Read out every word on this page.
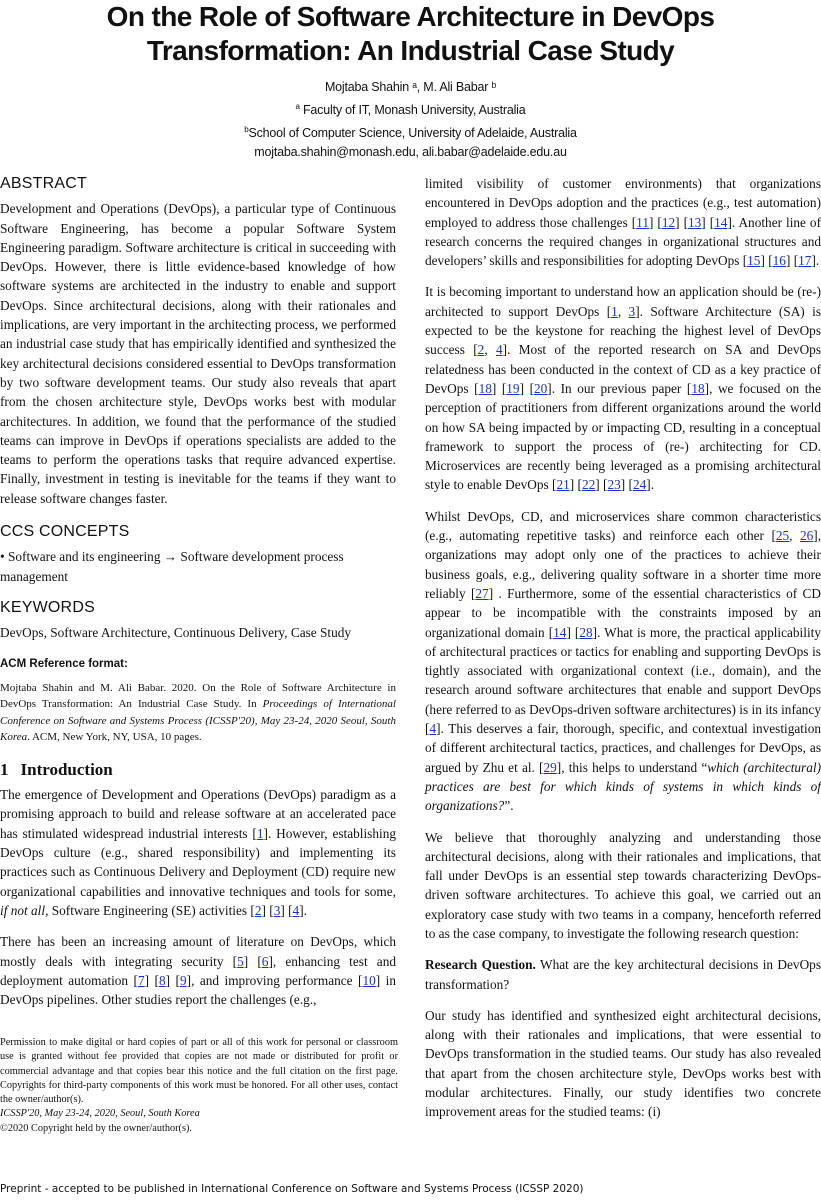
On the Role of Software Architecture in DevOps
Transformation: An Industrial Case Study
Mojtaba Shahin ᵃ, M. Ali Babar ᵇ
$^a$ Faculty of IT, Monash University, Australia
$^b$School of Computer Science, University of Adelaide, Australia
mojtaba.shahin@monash.edu, ali.babar@adelaide.edu.au
ABSTRACT

Development and Operations (DevOps), a particular type of Continuous Software Engineering, has become a popular Software System Engineering paradigm. Software architecture is critical in succeeding with DevOps. However, there is little evidence-based knowledge of how software systems are architected in the industry to enable and support DevOps. Since architectural decisions, along with their rationales and implications, are very important in the architecting process, we performed an industrial case study that has empirically identified and synthesized the key architectural decisions considered essential to DevOps transformation by two software development teams. Our study also reveals that apart from the chosen architecture style, DevOps works best with modular architectures. In addition, we found that the performance of the studied teams can improve in DevOps if operations specialists are added to the teams to perform the operations tasks that require advanced expertise. Finally, investment in testing is inevitable for the teams if they want to release software changes faster.

CCS CONCEPTS

• Software and its engineering → Software development process management

KEYWORDS

DevOps, Software Architecture, Continuous Delivery, Case Study

ACM Reference format:
Mojtaba Shahin and M. Ali Babar. 2020. On the Role of Software Architecture in DevOps Transformation: An Industrial Case Study. In Proceedings of International Conference on Software and Systems Process (ICSSP'20), May 23-24, 2020 Seoul, South Korea. ACM, New York, NY, USA, 10 pages.
1 Introduction

The emergence of Development and Operations (DevOps) paradigm as a promising approach to build and release software at an accelerated pace has stimulated widespread industrial interests [1]. However, establishing DevOps culture (e.g., shared responsibility) and implementing its practices such as Continuous Delivery and Deployment (CD) require new organizational capabilities and innovative techniques and tools for some, if not all, Software Engineering (SE) activities [2] [3] [4].

There has been an increasing amount of literature on DevOps, which mostly deals with integrating security [5] [6], enhancing test and deployment automation [7] [8] [9], and improving performance [10] in DevOps pipelines. Other studies report the challenges (e.g.,

limited visibility of customer environments) that organizations encountered in DevOps adoption and the practices (e.g., test automation) employed to address those challenges [11] [12] [13] [14]. Another line of research concerns the required changes in organizational structures and developers’ skills and responsibilities for adopting DevOps [15] [16] [17].

It is becoming important to understand how an application should be (re-) architected to support DevOps [1, 3]. Software Architecture (SA) is expected to be the keystone for reaching the highest level of DevOps success [2, 4]. Most of the reported research on SA and DevOps relatedness has been conducted in the context of CD as a key practice of DevOps [18] [19] [20]. In our previous paper [18], we focused on the perception of practitioners from different organizations around the world on how SA being impacted by or impacting CD, resulting in a conceptual framework to support the process of (re-) architecting for CD. Microservices are recently being leveraged as a promising architectural style to enable DevOps [21] [22] [23] [24].

Whilst DevOps, CD, and microservices share common characteristics (e.g., automating repetitive tasks) and reinforce each other [25, 26], organizations may adopt only one of the practices to achieve their business goals, e.g., delivering quality software in a shorter time more reliably [27] . Furthermore, some of the essential characteristics of CD appear to be incompatible with the constraints imposed by an organizational domain [14] [28]. What is more, the practical applicability of architectural practices or tactics for enabling and supporting DevOps is tightly associated with organizational context (i.e., domain), and the research around software architectures that enable and support DevOps (here referred to as DevOps-driven software architectures) is in its infancy [4]. This deserves a fair, thorough, specific, and contextual investigation of different architectural tactics, practices, and challenges for DevOps, as argued by Zhu et al. [29], this helps to understand “which (architectural) practices are best for which kinds of systems in which kinds of organizations?”.

We believe that thoroughly analyzing and understanding those architectural decisions, along with their rationales and implications, that fall under DevOps is an essential step towards characterizing DevOps-driven software architectures. To achieve this goal, we carried out an exploratory case study with two teams in a company, henceforth referred to as the case company, to investigate the following research question:

Research Question. What are the key architectural decisions in DevOps transformation?

Our study has identified and synthesized eight architectural decisions, along with their rationales and implications, that were essential to DevOps transformation in the studied teams. Our study has also revealed that apart from the chosen architecture style, DevOps works best with modular architectures. Finally, our study identifies two concrete improvement areas for the studied teams: (i)

Permission to make digital or hard copies of part or all of this work for personal or classroom use is granted without fee provided that copies are not made or distributed for profit or commercial advantage and that copies bear this notice and the full citation on the first page. Copyrights for third-party components of this work must be honored. For all other uses, contact the owner/author(s).
ICSSP'20, May 23-24, 2020, Seoul, South Korea
©2020 Copyright held by the owner/author(s).
Preprint - accepted to be published in International Conference on Software and Systems Process (ICSSP 2020)
